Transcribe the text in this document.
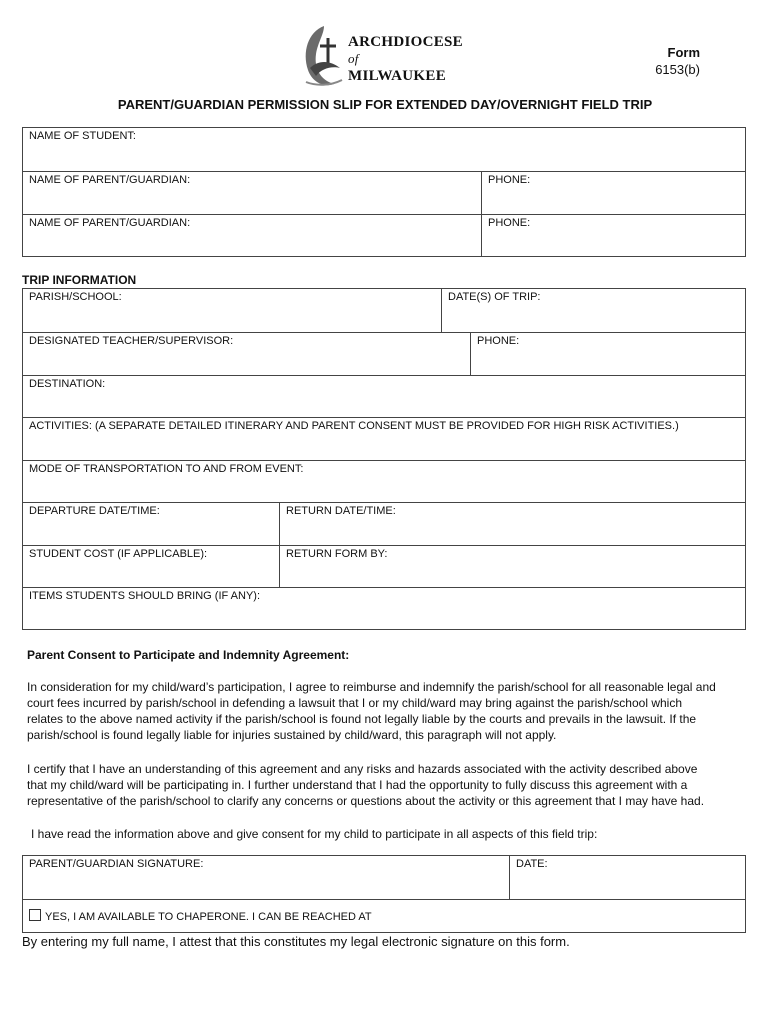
ARCHDIOCESE
of MILWAUKEE
Form
6153(b)
PARENT/GUARDIAN PERMISSION SLIP FOR EXTENDED DAY/OVERNIGHT FIELD TRIP
NAME OF STUDENT:
NAME OF PARENT/GUARDIAN:	PHONE:
NAME OF PARENT/GUARDIAN:	PHONE:
TRIP INFORMATION
PARISH/SCHOOL:	DATE(S) OF TRIP:
DESIGNATED TEACHER/SUPERVISOR:	PHONE:
DESTINATION:
ACTIVITIES: (A SEPARATE DETAILED ITINERARY AND PARENT CONSENT MUST BE PROVIDED FOR HIGH RISK ACTIVITIES.)
MODE OF TRANSPORTATION TO AND FROM EVENT:
DEPARTURE DATE/TIME:	RETURN DATE/TIME:
STUDENT COST (IF APPLICABLE):	RETURN FORM BY:
ITEMS STUDENTS SHOULD BRING (IF ANY):
Parent Consent to Participate and Indemnity Agreement:
In consideration for my child/ward’s participation, I agree to reimburse and indemnify the parish/school for all reasonable legal and court fees incurred by parish/school in defending a lawsuit that I or my child/ward may bring against the parish/school which relates to the above named activity if the parish/school is found not legally liable by the courts and prevails in the lawsuit. If the parish/school is found legally liable for injuries sustained by child/ward, this paragraph will not apply.
I certify that I have an understanding of this agreement and any risks and hazards associated with the activity described above that my child/ward will be participating in. I further understand that I had the opportunity to fully discuss this agreement with a representative of the parish/school to clarify any concerns or questions about the activity or this agreement that I may have had.
I have read the information above and give consent for my child to participate in all aspects of this field trip:
PARENT/GUARDIAN SIGNATURE:	DATE:
YES, I AM AVAILABLE TO CHAPERONE. I CAN BE REACHED AT
By entering my full name, I attest that this constitutes my legal electronic signature on this form.
